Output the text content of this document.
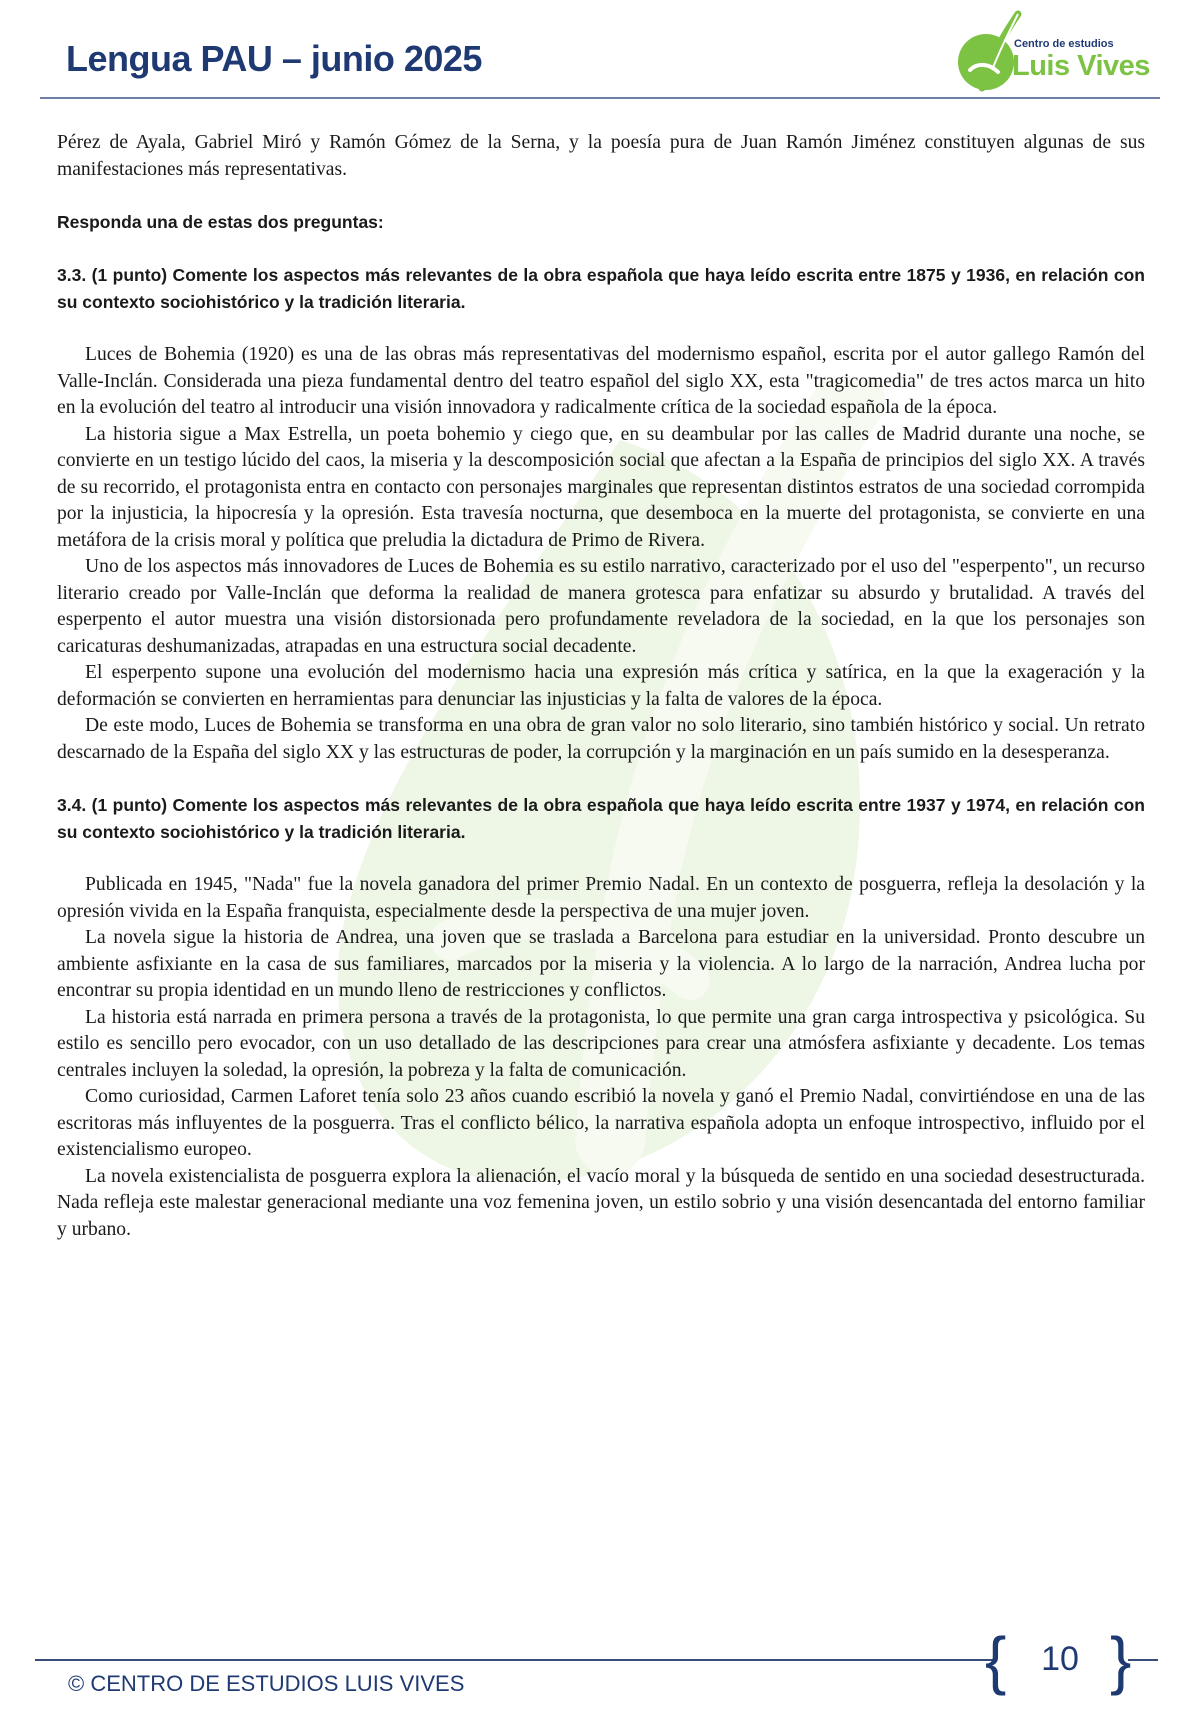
Lengua PAU – junio 2025	Centro de estudios
Luis Vives

Pérez de Ayala, Gabriel Miró y Ramón Gómez de la Serna, y la poesía pura de Juan Ramón Jiménez constituyen algunas de sus manifestaciones más representativas.

Responda una de estas dos preguntas:

3.3. (1 punto) Comente los aspectos más relevantes de la obra española que haya leído escrita entre 1875 y 1936, en relación con su contexto sociohistórico y la tradición literaria.

Luces de Bohemia (1920) es una de las obras más representativas del modernismo español, escrita por el autor gallego Ramón del Valle-Inclán. Considerada una pieza fundamental dentro del teatro español del siglo XX, esta "tragicomedia" de tres actos marca un hito en la evolución del teatro al introducir una visión innovadora y radicalmente crítica de la sociedad española de la época.

La historia sigue a Max Estrella, un poeta bohemio y ciego que, en su deambular por las calles de Madrid durante una noche, se convierte en un testigo lúcido del caos, la miseria y la descomposición social que afectan a la España de principios del siglo XX. A través de su recorrido, el protagonista entra en contacto con personajes marginales que representan distintos estratos de una sociedad corrompida por la injusticia, la hipocresía y la opresión. Esta travesía nocturna, que desemboca en la muerte del protagonista, se convierte en una metáfora de la crisis moral y política que preludia la dictadura de Primo de Rivera.

Uno de los aspectos más innovadores de Luces de Bohemia es su estilo narrativo, caracterizado por el uso del "esperpento", un recurso literario creado por Valle-Inclán que deforma la realidad de manera grotesca para enfatizar su absurdo y brutalidad. A través del esperpento el autor muestra una visión distorsionada pero profundamente reveladora de la sociedad, en la que los personajes son caricaturas deshumanizadas, atrapadas en una estructura social decadente.

El esperpento supone una evolución del modernismo hacia una expresión más crítica y satírica, en la que la exageración y la deformación se convierten en herramientas para denunciar las injusticias y la falta de valores de la época.

De este modo, Luces de Bohemia se transforma en una obra de gran valor no solo literario, sino también histórico y social. Un retrato descarnado de la España del siglo XX y las estructuras de poder, la corrupción y la marginación en un país sumido en la desesperanza.

3.4. (1 punto) Comente los aspectos más relevantes de la obra española que haya leído escrita entre 1937 y 1974, en relación con su contexto sociohistórico y la tradición literaria.

Publicada en 1945, "Nada" fue la novela ganadora del primer Premio Nadal. En un contexto de posguerra, refleja la desolación y la opresión vivida en la España franquista, especialmente desde la perspectiva de una mujer joven.

La novela sigue la historia de Andrea, una joven que se traslada a Barcelona para estudiar en la universidad. Pronto descubre un ambiente asfixiante en la casa de sus familiares, marcados por la miseria y la violencia. A lo largo de la narración, Andrea lucha por encontrar su propia identidad en un mundo lleno de restricciones y conflictos.

La historia está narrada en primera persona a través de la protagonista, lo que permite una gran carga introspectiva y psicológica. Su estilo es sencillo pero evocador, con un uso detallado de las descripciones para crear una atmósfera asfixiante y decadente. Los temas centrales incluyen la soledad, la opresión, la pobreza y la falta de comunicación.

Como curiosidad, Carmen Laforet tenía solo 23 años cuando escribió la novela y ganó el Premio Nadal, convirtiéndose en una de las escritoras más influyentes de la posguerra. Tras el conflicto bélico, la narrativa española adopta un enfoque introspectivo, influido por el existencialismo europeo.

La novela existencialista de posguerra explora la alienación, el vacío moral y la búsqueda de sentido en una sociedad desestructurada. Nada refleja este malestar generacional mediante una voz femenina joven, un estilo sobrio y una visión desencantada del entorno familiar y urbano.

© CENTRO DE ESTUDIOS LUIS VIVES	{	10 }
